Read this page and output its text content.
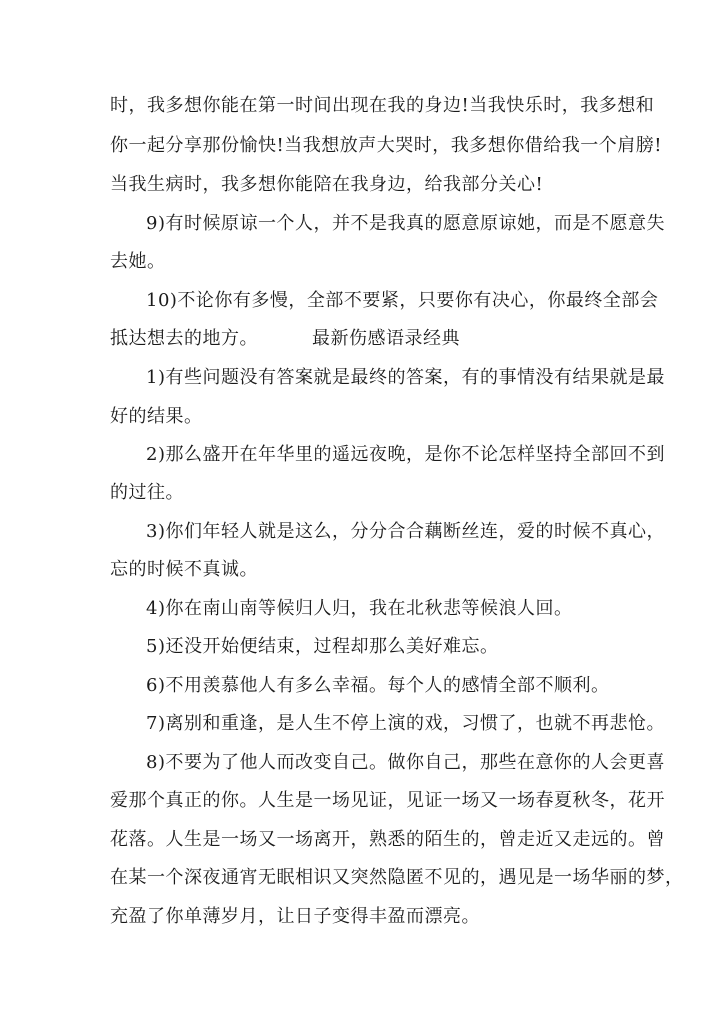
时，我多想你能在第一时间出现在我的身边!当我快乐时，我多想和
你一起分享那份愉快!当我想放声大哭时，我多想你借给我一个肩膀!
当我生病时，我多想你能陪在我身边，给我部分关心!
9)有时候原谅一个人，并不是我真的愿意原谅她，而是不愿意失
去她。
10)不论你有多慢，全部不要紧，只要你有决心，你最终全部会
抵达想去的地方。	最新伤感语录经典
1)有些问题没有答案就是最终的答案，有的事情没有结果就是最
好的结果。
2)那么盛开在年华里的遥远夜晚，是你不论怎样坚持全部回不到
的过往。
3)你们年轻人就是这么，分分合合藕断丝连，爱的时候不真心，
忘的时候不真诚。
4)你在南山南等候归人归，我在北秋悲等候浪人回。
5)还没开始便结束，过程却那么美好难忘。
6)不用羡慕他人有多么幸福。每个人的感情全部不顺利。
7)离别和重逢，是人生不停上演的戏，习惯了，也就不再悲怆。
8)不要为了他人而改变自己。做你自己，那些在意你的人会更喜
爱那个真正的你。人生是一场见证，见证一场又一场春夏秋冬，花开
花落。人生是一场又一场离开，熟悉的陌生的，曾走近又走远的。曾
在某一个深夜通宵无眠相识又突然隐匿不见的，遇见是一场华丽的梦，
充盈了你单薄岁月，让日子变得丰盈而漂亮。
